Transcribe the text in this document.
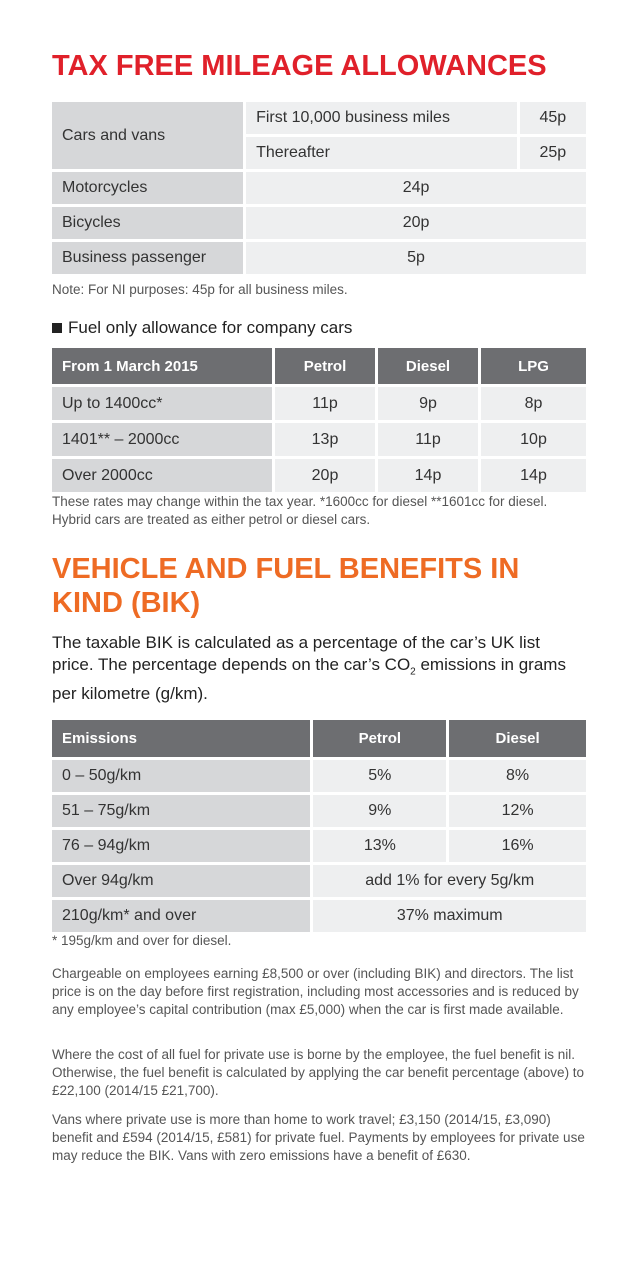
TAX FREE MILEAGE ALLOWANCES
Cars and vans	First 10,000 business miles	45p
	Thereafter	25p
Motorcycles	24p	
Bicycles	20p	
Business passenger	5p	
Note: For NI purposes: 45p for all business miles.
Fuel only allowance for company cars
From 1 March 2015	Petrol	Diesel	LPG
Up to 1400cc*	11p	9p	8p
1401** – 2000cc	13p	11p	10p
Over 2000cc	20p	14p	14p
These rates may change within the tax year. *1600cc for diesel **1601cc for diesel. Hybrid cars are treated as either petrol or diesel cars.
VEHICLE AND FUEL BENEFITS IN KIND (BIK)
The taxable BIK is calculated as a percentage of the car’s UK list price. The percentage depends on the car’s $CO_2$ emissions in grams per kilometre (g/km).
Emissions	Petrol	Diesel
0 – 50g/km	5%	8%
51 – 75g/km	9%	12%
76 – 94g/km	13%	16%
Over 94g/km	add 1% for every 5g/km	
210g/km* and over	37% maximum	
* 195g/km and over for diesel.
Chargeable on employees earning £8,500 or over (including BIK) and directors. The list price is on the day before first registration, including most accessories and is reduced by any employee’s capital contribution (max £5,000) when the car is first made available.
Where the cost of all fuel for private use is borne by the employee, the fuel benefit is nil. Otherwise, the fuel benefit is calculated by applying the car benefit percentage (above) to £22,100 (2014/15 £21,700).
Vans where private use is more than home to work travel; £3,150 (2014/15, £3,090) benefit and £594 (2014/15, £581) for private fuel. Payments by employees for private use may reduce the BIK. Vans with zero emissions have a benefit of £630.
